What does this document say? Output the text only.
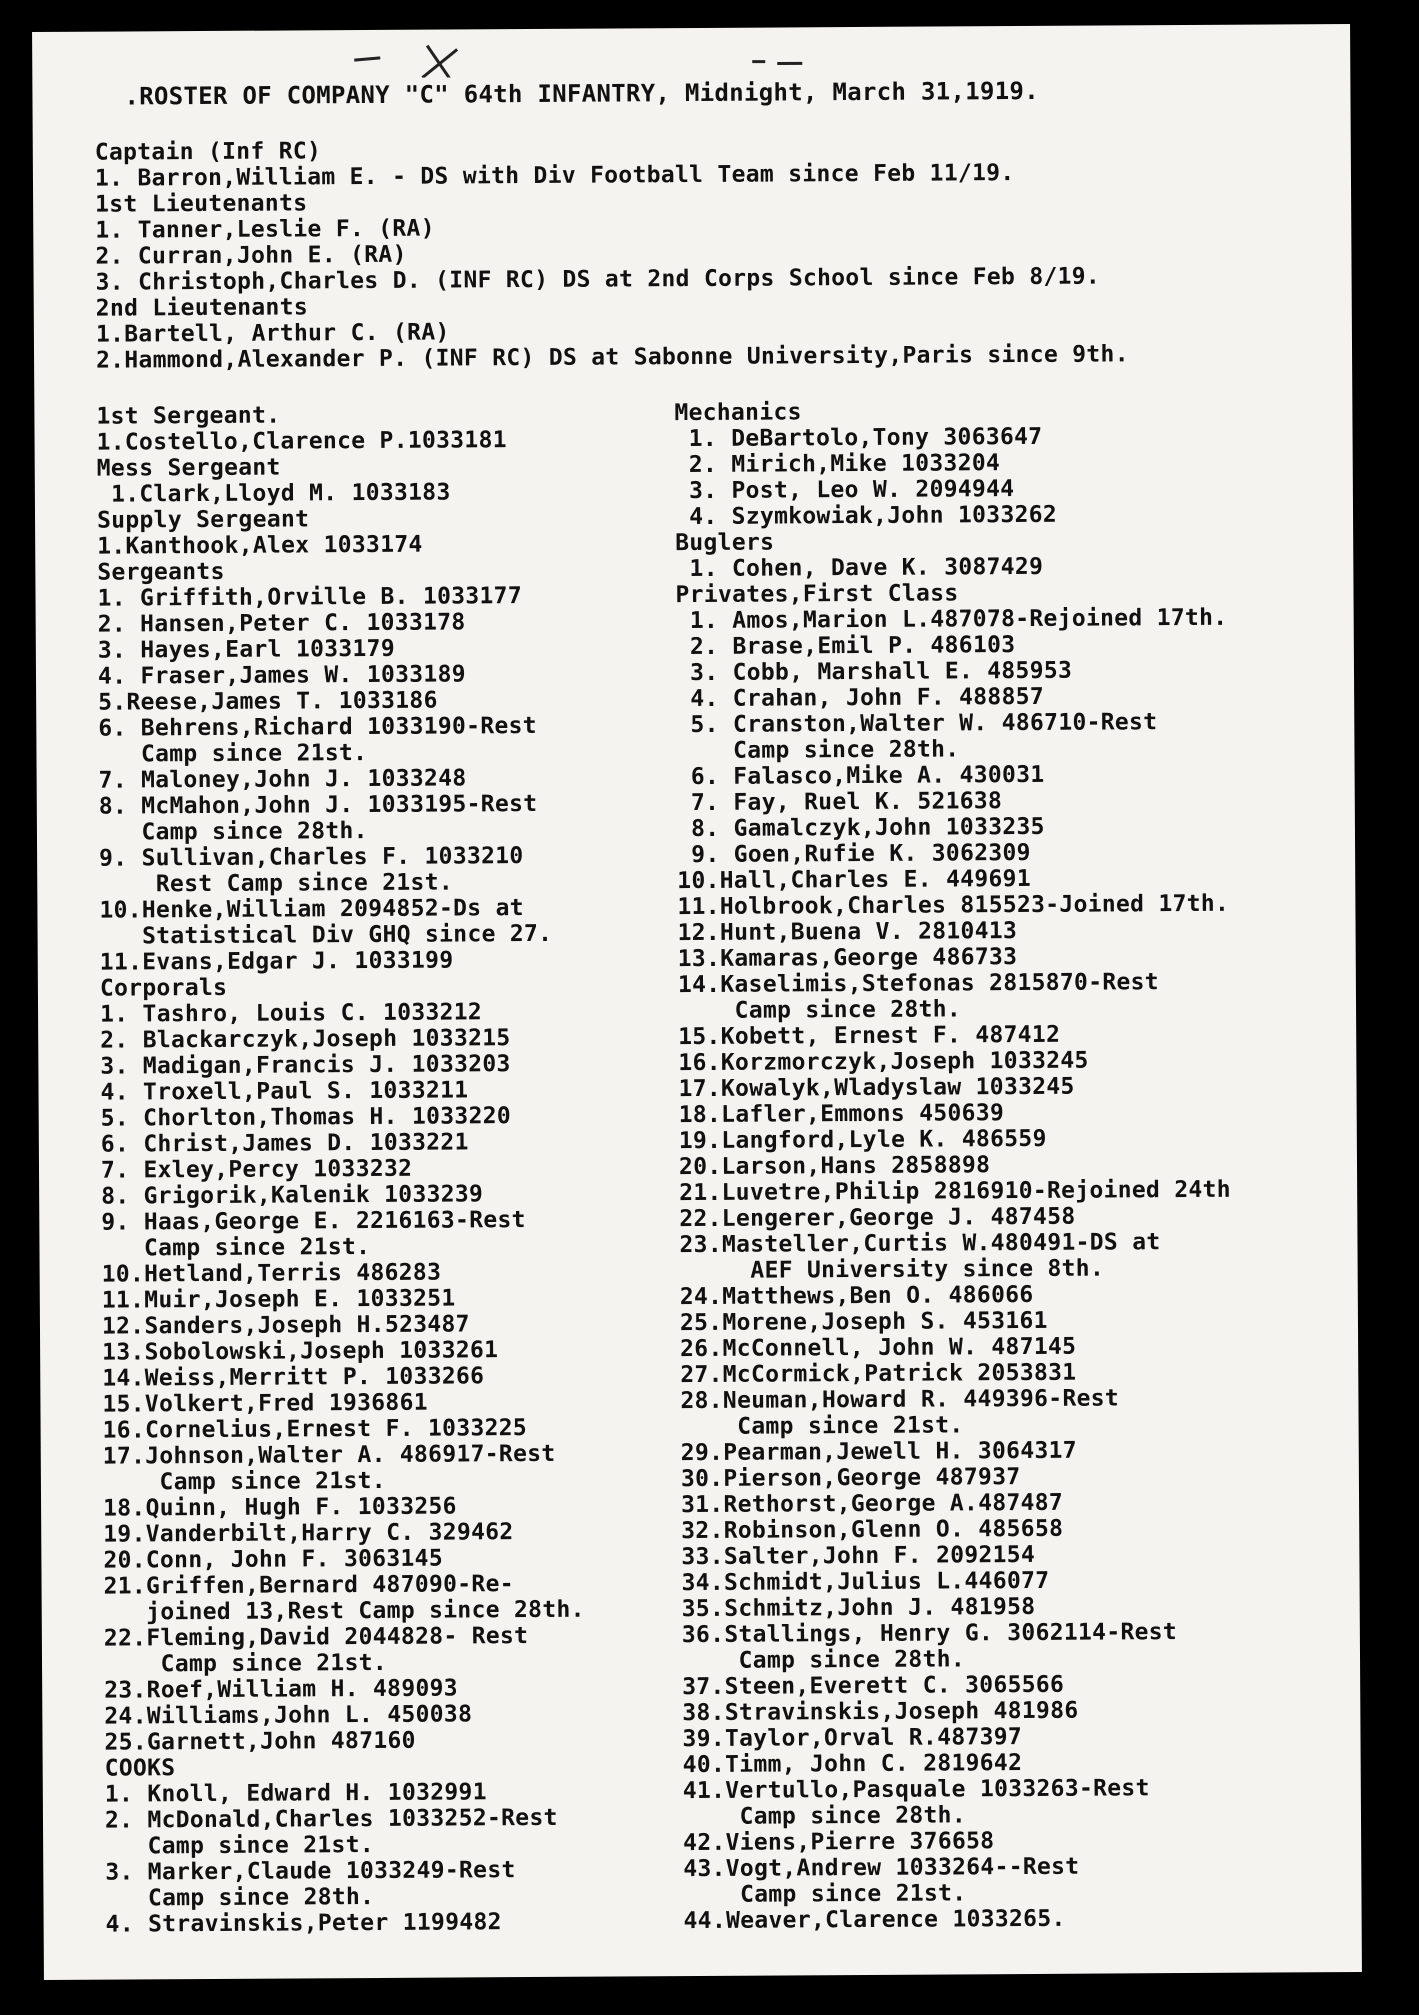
.ROSTER OF COMPANY "C" 64th INFANTRY, Midnight, March 31,1919.
Captain (Inf RC)
1. Barron,William E. - DS with Div Football Team since Feb 11/19.
1st Lieutenants
1. Tanner,Leslie F. (RA)
2. Curran,John E. (RA)
3. Christoph,Charles D. (INF RC) DS at 2nd Corps School since Feb 8/19.
2nd Lieutenants
1.Bartell, Arthur C. (RA)
2.Hammond,Alexander P. (INF RC) DS at Sabonne University,Paris since 9th.
1st Sergeant.
1.Costello,Clarence P.1033181
Mess Sergeant
1.Clark,Lloyd M. 1033183
Supply Sergeant
1.Kanthook,Alex 1033174
Sergeants
1. Griffith,Orville B. 1033177
2. Hansen,Peter C. 1033178
3. Hayes,Earl 1033179
4. Fraser,James W. 1033189
5.Reese,James T. 1033186
6. Behrens,Richard 1033190-Rest
Camp since 21st.
7. Maloney,John J. 1033248
8. McMahon,John J. 1033195-Rest
Camp since 28th.
9. Sullivan,Charles F. 1033210
Rest Camp since 21st.
10.Henke,William 2094852-Ds at
Statistical Div GHQ since 27.
11.Evans,Edgar J. 1033199
Corporals
1. Tashro, Louis C. 1033212
2. Blackarczyk,Joseph 1033215
3. Madigan,Francis J. 1033203
4. Troxell,Paul S. 1033211
5. Chorlton,Thomas H. 1033220
6. Christ,James D. 1033221
7. Exley,Percy 1033232
8. Grigorik,Kalenik 1033239
9. Haas,George E. 2216163-Rest
Camp since 21st.
10.Hetland,Terris 486283
11.Muir,Joseph E. 1033251
12.Sanders,Joseph H.523487
13.Sobolowski,Joseph 1033261
14.Weiss,Merritt P. 1033266
15.Volkert,Fred 1936861
16.Cornelius,Ernest F. 1033225
17.Johnson,Walter A. 486917-Rest
Camp since 21st.
18.Quinn, Hugh F. 1033256
19.Vanderbilt,Harry C. 329462
20.Conn, John F. 3063145
21.Griffen,Bernard 487090-Re-
joined 13,Rest Camp since 28th.
22.Fleming,David 2044828- Rest
Camp since 21st.
23.Roef,William H. 489093
24.Williams,John L. 450038
25.Garnett,John 487160
COOKS
1. Knoll, Edward H. 1032991
2. McDonald,Charles 1033252-Rest
Camp since 21st.
3. Marker,Claude 1033249-Rest
Camp since 28th.
4. Stravinskis,Peter 1199482
Mechanics
1. DeBartolo,Tony 3063647
2. Mirich,Mike 1033204
3. Post, Leo W. 2094944
4. Szymkowiak,John 1033262
Buglers
1. Cohen, Dave K. 3087429
Privates,First Class
1. Amos,Marion L.487078-Rejoined 17th.
2. Brase,Emil P. 486103
3. Cobb, Marshall E. 485953
4. Crahan, John F. 488857
5. Cranston,Walter W. 486710-Rest
Camp since 28th.
6. Falasco,Mike A. 430031
7. Fay, Ruel K. 521638
8. Gamalczyk,John 1033235
9. Goen,Rufie K. 3062309
10.Hall,Charles E. 449691
11.Holbrook,Charles 815523-Joined 17th.
12.Hunt,Buena V. 2810413
13.Kamaras,George 486733
14.Kaselimis,Stefonas 2815870-Rest
Camp since 28th.
15.Kobett, Ernest F. 487412
16.Korzmorczyk,Joseph 1033245
17.Kowalyk,Wladyslaw 1033245
18.Lafler,Emmons 450639
19.Langford,Lyle K. 486559
20.Larson,Hans 2858898
21.Luvetre,Philip 2816910-Rejoined 24th
22.Lengerer,George J. 487458
23.Masteller,Curtis W.480491-DS at
AEF University since 8th.
24.Matthews,Ben O. 486066
25.Morene,Joseph S. 453161
26.McConnell, John W. 487145
27.McCormick,Patrick 2053831
28.Neuman,Howard R. 449396-Rest
Camp since 21st.
29.Pearman,Jewell H. 3064317
30.Pierson,George 487937
31.Rethorst,George A.487487
32.Robinson,Glenn O. 485658
33.Salter,John F. 2092154
34.Schmidt,Julius L.446077
35.Schmitz,John J. 481958
36.Stallings, Henry G. 3062114-Rest
Camp since 28th.
37.Steen,Everett C. 3065566
38.Stravinskis,Joseph 481986
39.Taylor,Orval R.487397
40.Timm, John C. 2819642
41.Vertullo,Pasquale 1033263-Rest
Camp since 28th.
42.Viens,Pierre 376658
43.Vogt,Andrew 1033264--Rest
Camp since 21st.
44.Weaver,Clarence 1033265.
